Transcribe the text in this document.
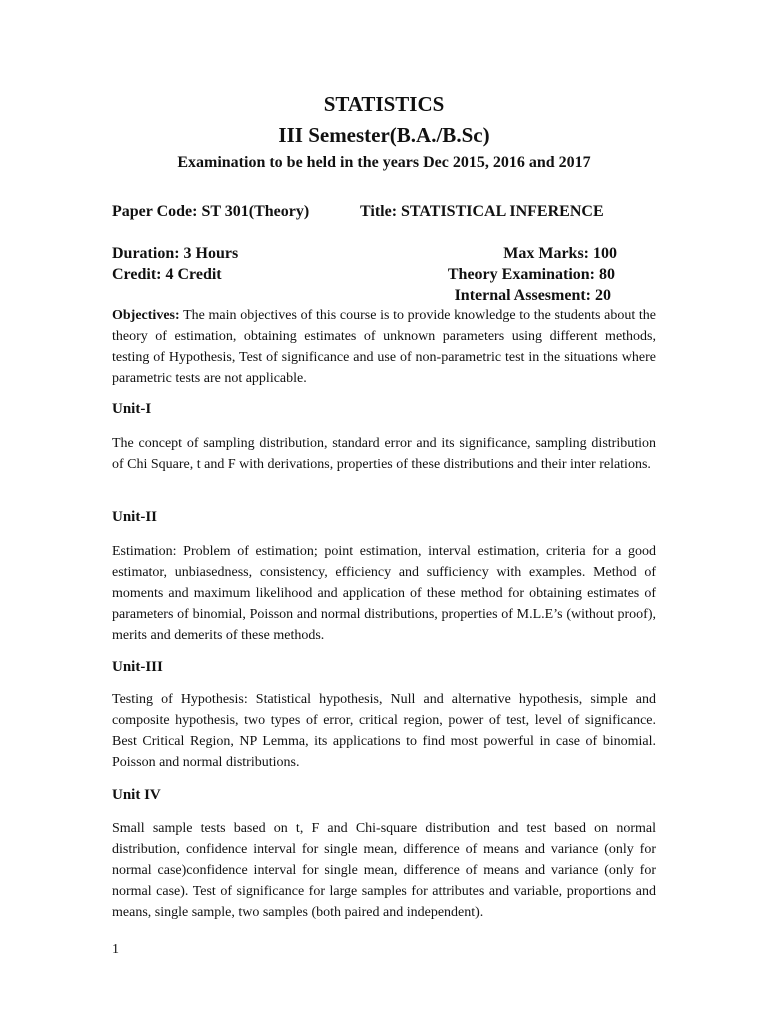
STATISTICS
III Semester(B.A./B.Sc)
Examination to be held in the years Dec 2015, 2016 and 2017
Paper Code: ST 301(Theory)	Title: STATISTICAL INFERENCE
Duration: 3 Hours
Credit: 4 Credit
Max Marks: 100
Theory Examination: 80
Internal Assesment: 20
Objectives: The main objectives of this course is to provide knowledge to the students about the theory of estimation, obtaining estimates of unknown parameters using different methods, testing of Hypothesis, Test of significance and use of non-parametric test in the situations where parametric tests are not applicable.
Unit-I
The concept of sampling distribution, standard error and its significance, sampling distribution of Chi Square, t and F with derivations, properties of these distributions and their inter relations.
Unit-II
Estimation: Problem of estimation; point estimation, interval estimation, criteria for a good estimator, unbiasedness, consistency, efficiency and sufficiency with examples. Method of moments and maximum likelihood and application of these method for obtaining estimates of parameters of binomial, Poisson and normal distributions, properties of M.L.E’s (without proof), merits and demerits of these methods.
Unit-III
Testing of Hypothesis: Statistical hypothesis, Null and alternative hypothesis, simple and composite hypothesis, two types of error, critical region, power of test, level of significance. Best Critical Region, NP Lemma, its applications to find most powerful in case of binomial. Poisson and normal distributions.
Unit IV
Small sample tests based on t, F and Chi-square distribution and test based on normal distribution, confidence interval for single mean, difference of means and variance (only for normal case)confidence interval for single mean, difference of means and variance (only for normal case). Test of significance for large samples for attributes and variable, proportions and means, single sample, two samples (both paired and independent).
1
